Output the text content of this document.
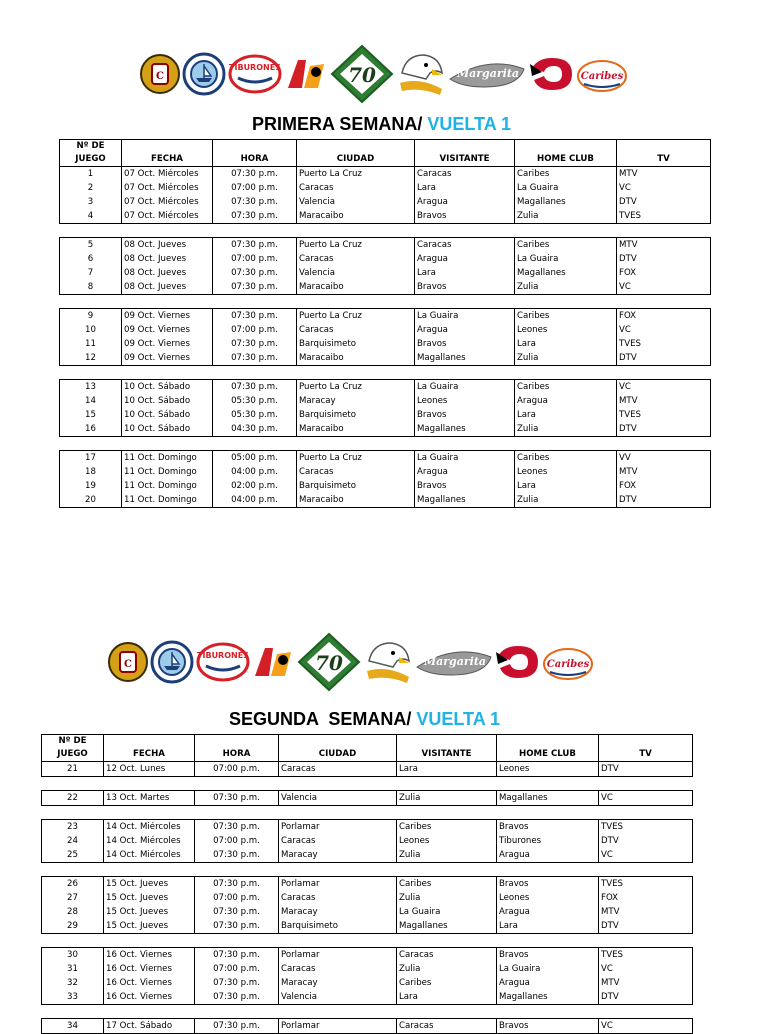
C
TIBURONES	70	Margarita	Caribes
PRIMERA SEMANA/ VUELTA 1
Nº DE						
JUEGO	FECHA	HORA	CIUDAD	VISITANTE	HOME CLUB	TV
1	07 Oct. Miércoles	07:30 p.m.	Puerto La Cruz	Caracas	Caribes	MTV
2	07 Oct. Miércoles	07:00 p.m.	Caracas	Lara	La Guaira	VC
3	07 Oct. Miércoles	07:30 p.m.	Valencia	Aragua	Magallanes	DTV
4	07 Oct. Miércoles	07:30 p.m.	Maracaibo	Bravos	Zulia	TVES

5	08 Oct. Jueves	07:30 p.m.	Puerto La Cruz	Caracas	Caribes	MTV
6	08 Oct. Jueves	07:00 p.m.	Caracas	Aragua	La Guaira	DTV
7	08 Oct. Jueves	07:30 p.m.	Valencia	Lara	Magallanes	FOX
8	08 Oct. Jueves	07:30 p.m.	Maracaibo	Bravos	Zulia	VC

9	09 Oct. Viernes	07:30 p.m.	Puerto La Cruz	La Guaira	Caribes	FOX
10	09 Oct. Viernes	07:00 p.m.	Caracas	Aragua	Leones	VC
11	09 Oct. Viernes	07:30 p.m.	Barquisimeto	Bravos	Lara	TVES
12	09 Oct. Viernes	07:30 p.m.	Maracaibo	Magallanes	Zulia	DTV

13	10 Oct. Sábado	07:30 p.m.	Puerto La Cruz	La Guaira	Caribes	VC
14	10 Oct. Sábado	05:30 p.m.	Maracay	Leones	Aragua	MTV
15	10 Oct. Sábado	05:30 p.m.	Barquisimeto	Bravos	Lara	TVES
16	10 Oct. Sábado	04:30 p.m.	Maracaibo	Magallanes	Zulia	DTV

17	11 Oct. Domingo	05:00 p.m.	Puerto La Cruz	La Guaira	Caribes	VV
18	11 Oct. Domingo	04:00 p.m.	Caracas	Aragua	Leones	MTV
19	11 Oct. Domingo	02:00 p.m.	Barquisimeto	Bravos	Lara	FOX
20	11 Oct. Domingo	04:00 p.m.	Maracaibo	Magallanes	Zulia	DTV
C
TIBURONES	70	Margarita	Caribes
SEGUNDA  SEMANA/ VUELTA 1
Nº DE						
JUEGO	FECHA	HORA	CIUDAD	VISITANTE	HOME CLUB	TV
21	12 Oct. Lunes	07:00 p.m.	Caracas	Lara	Leones	DTV

22	13 Oct. Martes	07:30 p.m.	Valencia	Zulia	Magallanes	VC

23	14 Oct. Miércoles	07:30 p.m.	Porlamar	Caribes	Bravos	TVES
24	14 Oct. Miércoles	07:00 p.m.	Caracas	Leones	Tiburones	DTV
25	14 Oct. Miércoles	07:30 p.m.	Maracay	Zulia	Aragua	VC

26	15 Oct. Jueves	07:30 p.m.	Porlamar	Caribes	Bravos	TVES
27	15 Oct. Jueves	07:00 p.m.	Caracas	Zulia	Leones	FOX
28	15 Oct. Jueves	07:30 p.m.	Maracay	La Guaira	Aragua	MTV
29	15 Oct. Jueves	07:30 p.m.	Barquisimeto	Magallanes	Lara	DTV

30	16 Oct. Viernes	07:30 p.m.	Porlamar	Caracas	Bravos	TVES
31	16 Oct. Viernes	07:00 p.m.	Caracas	Zulia	La Guaira	VC
32	16 Oct. Viernes	07:30 p.m.	Maracay	Caribes	Aragua	MTV
33	16 Oct. Viernes	07:30 p.m.	Valencia	Lara	Magallanes	DTV

34	17 Oct. Sábado	07:30 p.m.	Porlamar	Caracas	Bravos	VC
